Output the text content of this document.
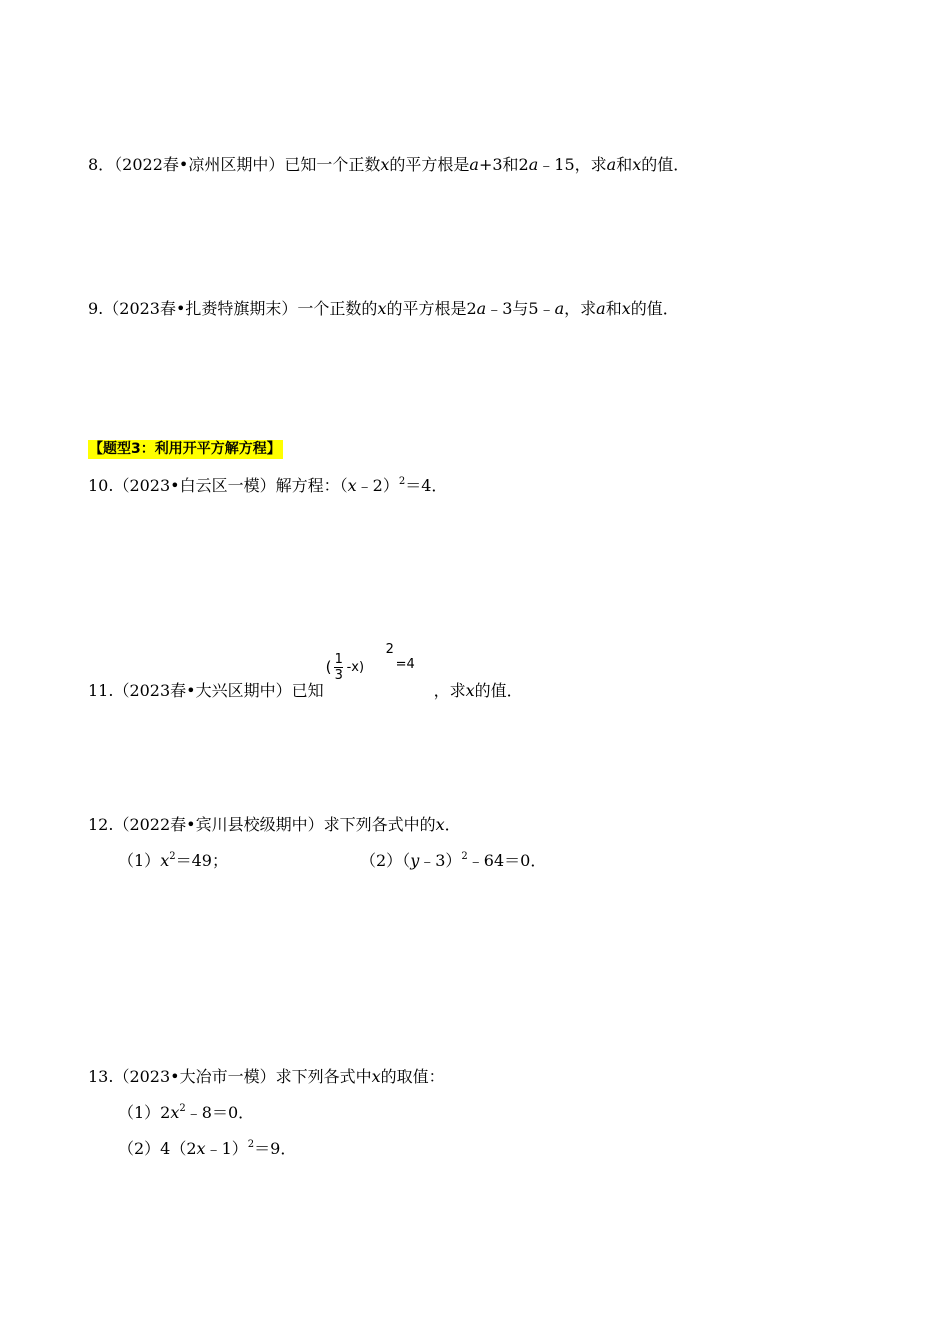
8．（2022春•凉州区期中）已知一个正数x的平方根是a+3和2a﹣15，求a和x的值．
9.（2023春•扎赉特旗期末）一个正数的x的平方根是2a﹣3与5﹣a，求a和x的值．
【题型3：利用开平方解方程】
10.（2023•白云区一模）解方程：（x﹣2）$^2$＝4．
11.（2023春•大兴区期中）已知
( 1
3
-x)
2
=4
，求x的值．
12.（2022春•宾川县校级期中）求下列各式中的x．
$(1)x^2=49$；	（2）（y﹣3）$^2$﹣64＝0．
13.（2023•大冶市一模）求下列各式中x的取值：
$(1)2x^2﹣8=0$．
（2）4（2x﹣1）$^2$＝9．
